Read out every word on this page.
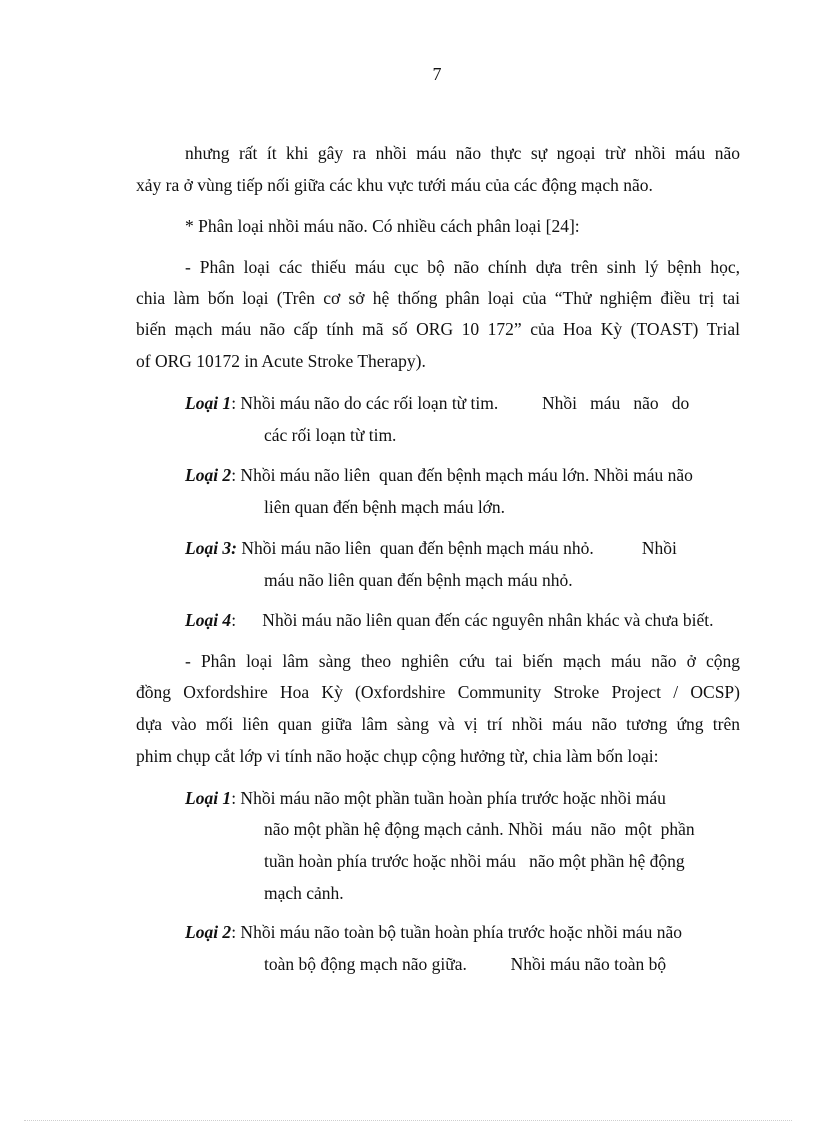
7
nhưng rất ít khi gây ra nhồi máu não thực sự ngoại trừ nhồi máu não
xảy ra ở vùng tiếp nối giữa các khu vực tưới máu của các động mạch não.
* Phân loại nhồi máu não. Có nhiều cách phân loại [24]:
- Phân loại các thiếu máu cục bộ não chính dựa trên sinh lý bệnh học,
chia làm bốn loại (Trên cơ sở hệ thống phân loại của “Thử nghiệm điều trị tai
biến mạch máu não cấp tính mã số ORG 10 172” của Hoa Kỳ (TOAST) Trial
of ORG 10172 in Acute Stroke Therapy).
Loại 1: Nhồi máu não do các rối loạn từ tim.          Nhồi   máu   não   do
các rối loạn từ tim.
Loại 2: Nhồi máu não liên  quan đến bệnh mạch máu lớn. Nhồi máu não
liên quan đến bệnh mạch máu lớn.
Loại 3: Nhồi máu não liên  quan đến bệnh mạch máu nhỏ.           Nhồi
máu não liên quan đến bệnh mạch máu nhỏ.
Loại 4:      Nhồi máu não liên quan đến các nguyên nhân khác và chưa biết.
- Phân loại lâm sàng theo nghiên cứu tai biến mạch máu não ở cộng
đồng Oxfordshire Hoa Kỳ (Oxfordshire Community Stroke Project / OCSP)
dựa vào mối liên quan giữa lâm sàng và vị trí nhồi máu não tương ứng trên
phim chụp cắt lớp vi tính não hoặc chụp cộng hưởng từ, chia làm bốn loại:
Loại 1: Nhồi máu não một phần tuần hoàn phía trước hoặc nhồi máu
não một phần hệ động mạch cảnh. Nhồi  máu  não  một  phần
tuần hoàn phía trước hoặc nhồi máu   não một phần hệ động
mạch cảnh.
Loại 2: Nhồi máu não toàn bộ tuần hoàn phía trước hoặc nhồi máu não
toàn bộ động mạch não giữa.          Nhồi máu não toàn bộ
